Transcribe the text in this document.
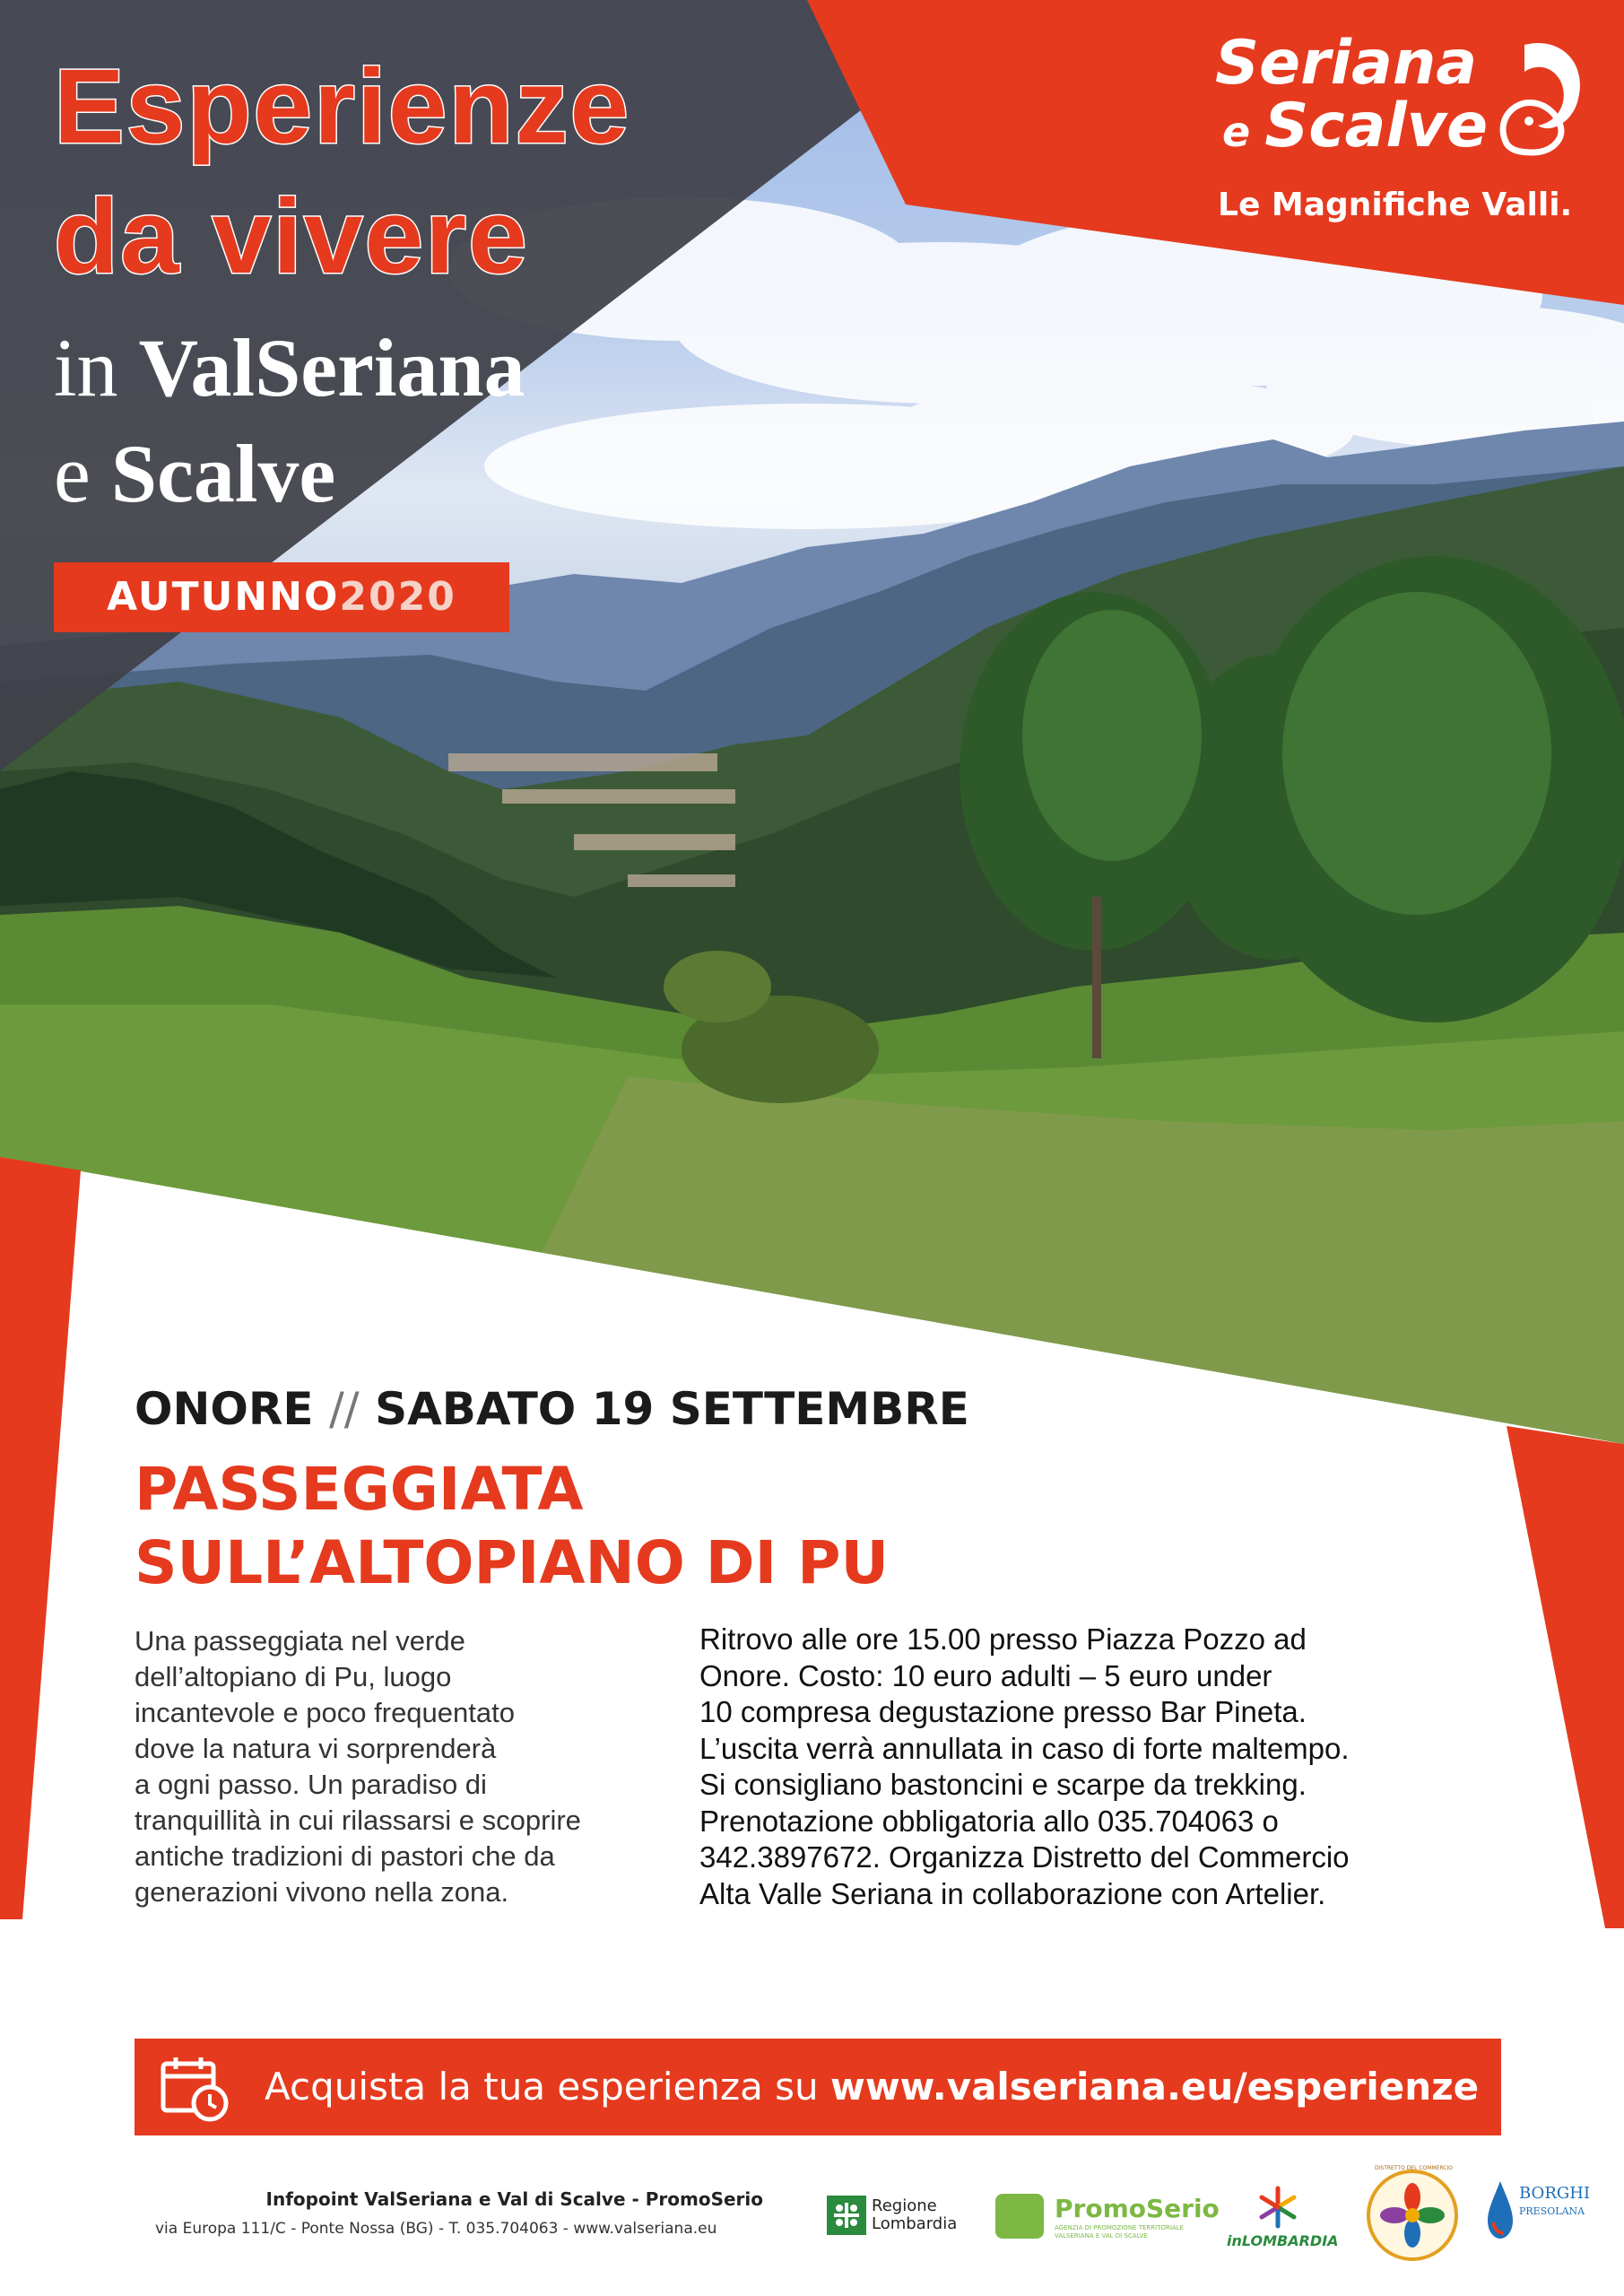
Esperienze
da vivere
in ValSeriana
e Scalve
AUTUNNO2020
Seriana
e Scalve
Le Magnifiche Valli.
ONORE // SABATO 19 SETTEMBRE
PASSEGGIATA
SULL’ALTOPIANO DI PU
Una passeggiata nel verde
dell’altopiano di Pu, luogo
incantevole e poco frequentato
dove la natura vi sorprenderà
a ogni passo. Un paradiso di
tranquillità in cui rilassarsi e scoprire
antiche tradizioni di pastori che da
generazioni vivono nella zona.
Ritrovo alle ore 15.00 presso Piazza Pozzo ad
Onore. Costo: 10 euro adulti – 5 euro under
10 compresa degustazione presso Bar Pineta.
L’uscita verrà annullata in caso di forte maltempo.
Si consigliano bastoncini e scarpe da trekking.
Prenotazione obbligatoria allo 035.704063 o
342.3897672. Organizza Distretto del Commercio
Alta Valle Seriana in collaborazione con Artelier.
Acquista la tua esperienza su www.valseriana.eu/esperienze
Infopoint ValSeriana e Val di Scalve - PromoSerio
via Europa 111/C - Ponte Nossa (BG) - T. 035.704063 - www.valseriana.eu
Regione
Lombardia
PromoSerio
AGENZIA DI PROMOZIONE TERRITORIALE
VALSERIANA E VAL DI SCALVE	inLOMBARDIA
DISTRETTO DEL COMMERCIO
BORGHI
PRESOLANA
